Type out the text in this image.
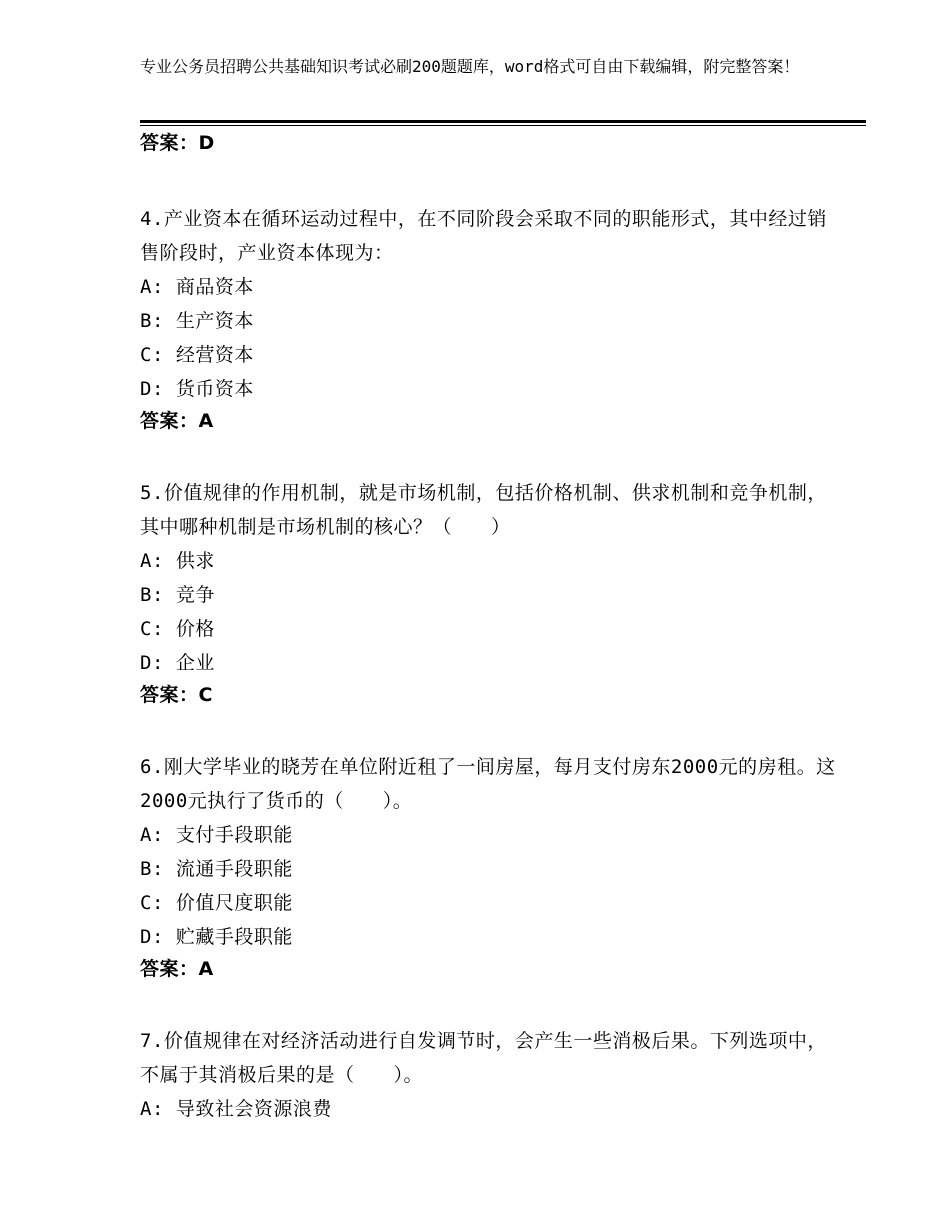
专业公务员招聘公共基础知识考试必刷200题题库，word格式可自由下载编辑，附完整答案！
答案：D
4.产业资本在循环运动过程中，在不同阶段会采取不同的职能形式，其中经过销售阶段时，产业资本体现为：
A: 商品资本
B: 生产资本
C: 经营资本
D: 货币资本
答案：A
5.价值规律的作用机制，就是市场机制，包括价格机制、供求机制和竞争机制，其中哪种机制是市场机制的核心？（　　）
A: 供求
B: 竞争
C: 价格
D: 企业
答案：C
6.刚大学毕业的晓芳在单位附近租了一间房屋，每月支付房东2000元的房租。这2000元执行了货币的（　　）。
A: 支付手段职能
B: 流通手段职能
C: 价值尺度职能
D: 贮藏手段职能
答案：A
7.价值规律在对经济活动进行自发调节时，会产生一些消极后果。下列选项中，不属于其消极后果的是（　　）。
A: 导致社会资源浪费
